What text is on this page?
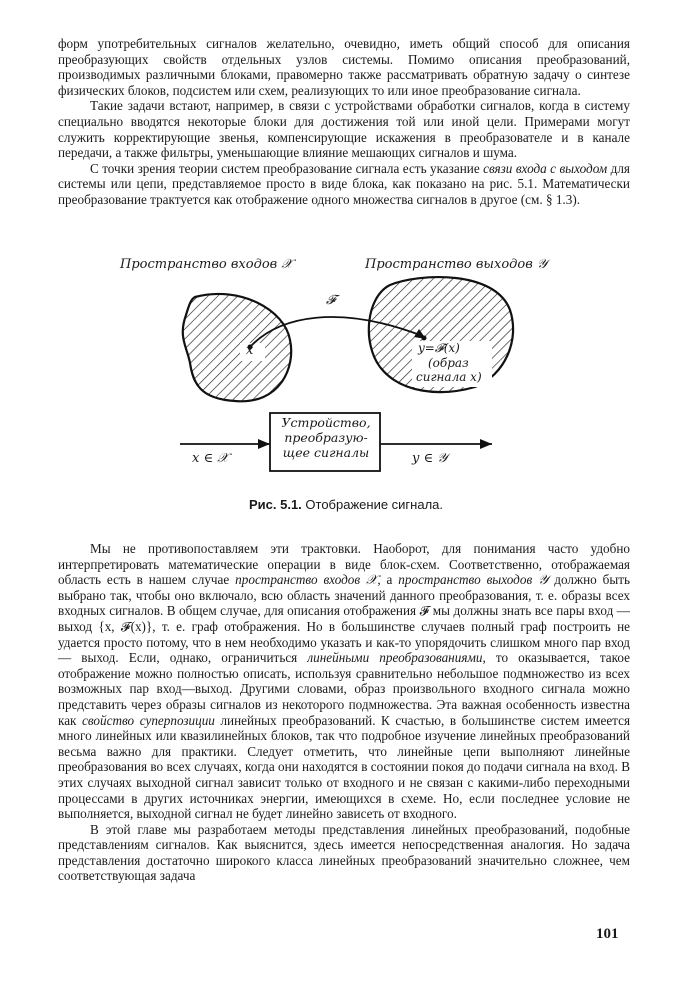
форм употребительных сигналов желательно, очевидно, иметь общий способ для описания преобразующих свойств отдельных узлов системы. Помимо описания преобразований, производимых различными блоками, правомерно также рассматривать обратную задачу о синтезе физических блоков, подсистем или схем, реализующих то или иное преобразование сигнала.

Такие задачи встают, например, в связи с устройствами обработки сигналов, когда в систему специально вводятся некоторые блоки для достижения той или иной цели. Примерами могут служить корректирующие звенья, компенсирующие искажения в преобразователе и в канале передачи, а также фильтры, уменьшающие влияние мешающих сигналов и шума.

С точки зрения теории систем преобразование сигнала есть указание связи входа с выходом для системы или цепи, представляемое просто в виде блока, как показано на рис. 5.1. Математически преобразование трактуется как отображение одного множества сигналов в другое (см. § 1.3).

Пространство входов 𝒳	Пространство выходов 𝒴
𝓕
x	y=𝓕(x)
(образ
сигнала x)
Устройство,
преобразую-
щее сигналы
x ∈ 𝒳	y ∈ 𝒴
Рис. 5.1. Отображение сигнала.

Мы не противопоставляем эти трактовки. Наоборот, для понимания часто удобно интерпретировать математические операции в виде блок-схем. Соответственно, отображаемая область есть в нашем случае пространство входов 𝒳, а пространство выходов 𝒴 должно быть выбрано так, чтобы оно включало, всю область значений данного преобразования, т. е. образы всех входных сигналов. В общем случае, для описания отображения 𝓕 мы должны знать все пары вход — выход {x, 𝓕(x)}, т. е. граф отображения. Но в большинстве случаев полный граф построить не удается просто потому, что в нем необходимо указать и как-то упорядочить слишком много пар вход — выход. Если, однако, ограничиться линейными преобразованиями, то оказывается, такое отображение можно полностью описать, используя сравнительно небольшое подмножество из всех возможных пар вход—выход. Другими словами, образ произвольного входного сигнала можно представить через образы сигналов из некоторого подмножества. Эта важная особенность известна как свойство суперпозиции линейных преобразований. К счастью, в большинстве систем имеется много линейных или квазилинейных блоков, так что подробное изучение линейных преобразований весьма важно для практики. Следует отметить, что линейные цепи выполняют линейные преобразования во всех случаях, когда они находятся в состоянии покоя до подачи сигнала на вход. В этих случаях выходной сигнал зависит только от входного и не связан с какими-либо переходными процессами в других источниках энергии, имеющихся в схеме. Но, если последнее условие не выполняется, выходной сигнал не будет линейно зависеть от входного.

В этой главе мы разработаем методы представления линейных преобразований, подобные представлениям сигналов. Как выяснится, здесь имеется непосредственная аналогия. Но задача представления достаточно широкого класса линейных преобразований значительно сложнее, чем соответствующая задача

101
